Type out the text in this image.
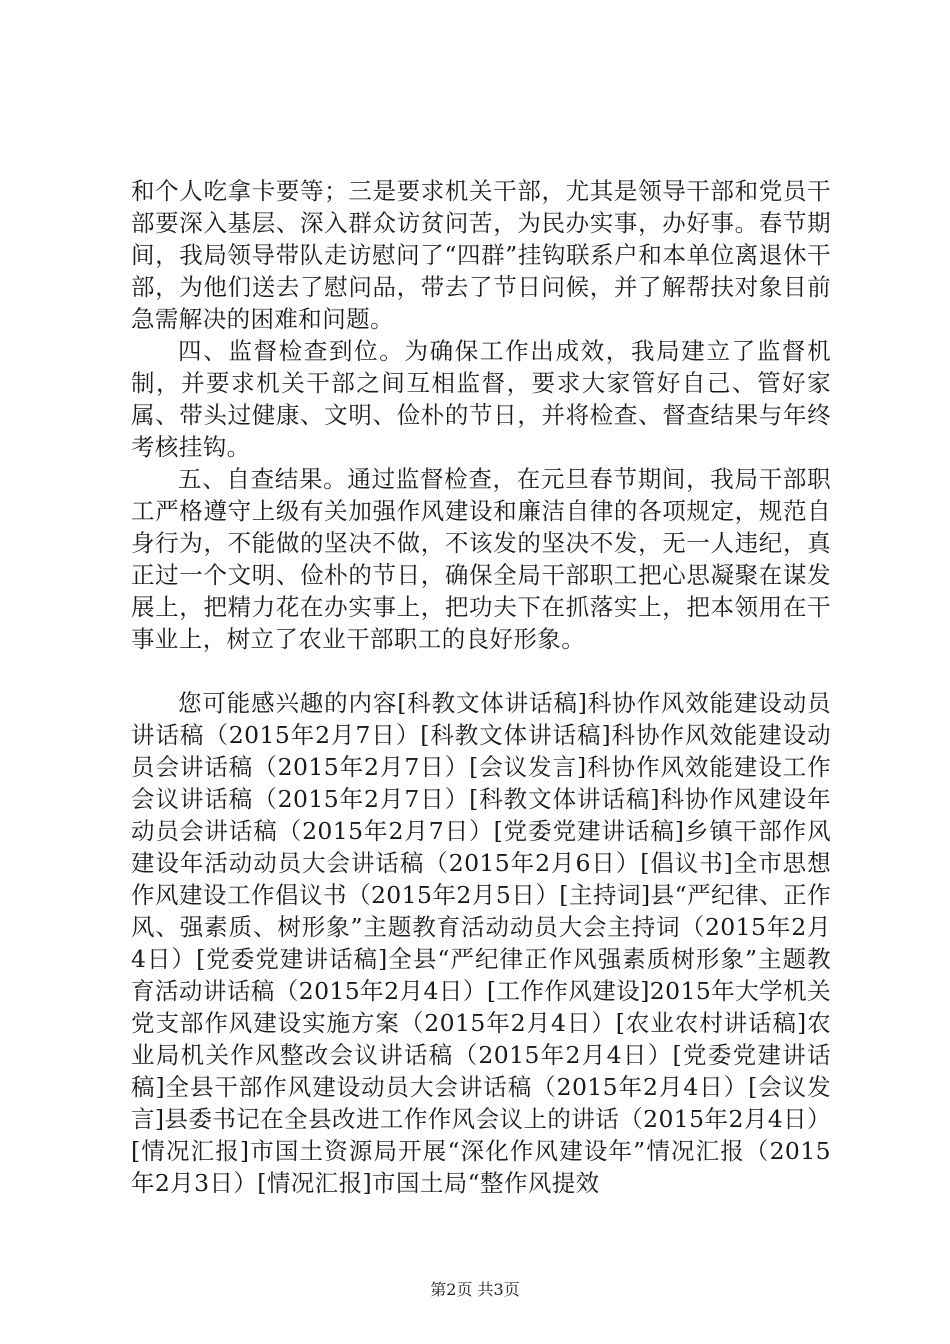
和个人吃拿卡要等；三是要求机关干部，尤其是领导干部和党员干部要深入基层、深入群众访贫问苦，为民办实事，办好事。春节期间，我局领导带队走访慰问了“四群”挂钩联系户和本单位离退休干部，为他们送去了慰问品，带去了节日问候，并了解帮扶对象目前急需解决的困难和问题。

四、监督检查到位。为确保工作出成效，我局建立了监督机制，并要求机关干部之间互相监督，要求大家管好自己、管好家属、带头过健康、文明、俭朴的节日，并将检查、督查结果与年终考核挂钩。

五、自查结果。通过监督检查，在元旦春节期间，我局干部职工严格遵守上级有关加强作风建设和廉洁自律的各项规定，规范自身行为，不能做的坚决不做，不该发的坚决不发，无一人违纪，真正过一个文明、俭朴的节日，确保全局干部职工把心思凝聚在谋发展上，把精力花在办实事上，把功夫下在抓落实上，把本领用在干事业上，树立了农业干部职工的良好形象。

您可能感兴趣的内容[科教文体讲话稿]科协作风效能建设动员讲话稿（2015年2月7日）[科教文体讲话稿]科协作风效能建设动员会讲话稿（2015年2月7日）[会议发言]科协作风效能建设工作会议讲话稿（2015年2月7日）[科教文体讲话稿]科协作风建设年动员会讲话稿（2015年2月7日）[党委党建讲话稿]乡镇干部作风建设年活动动员大会讲话稿（2015年2月6日）[倡议书]全市思想作风建设工作倡议书（2015年2月5日）[主持词]县“严纪律、正作风、强素质、树形象”主题教育活动动员大会主持词（2015年2月4日）[党委党建讲话稿]全县“严纪律正作风强素质树形象”主题教育活动讲话稿（2015年2月4日）[工作作风建设]2015年大学机关党支部作风建设实施方案（2015年2月4日）[农业农村讲话稿]农业局机关作风整改会议讲话稿（2015年2月4日）[党委党建讲话稿]全县干部作风建设动员大会讲话稿（2015年2月4日）[会议发言]县委书记在全县改进工作作风会议上的讲话（2015年2月4日）[情况汇报]市国土资源局开展“深化作风建设年”情况汇报（2015年2月3日）[情况汇报]市国土局“整作风提效

第2页 共3页
